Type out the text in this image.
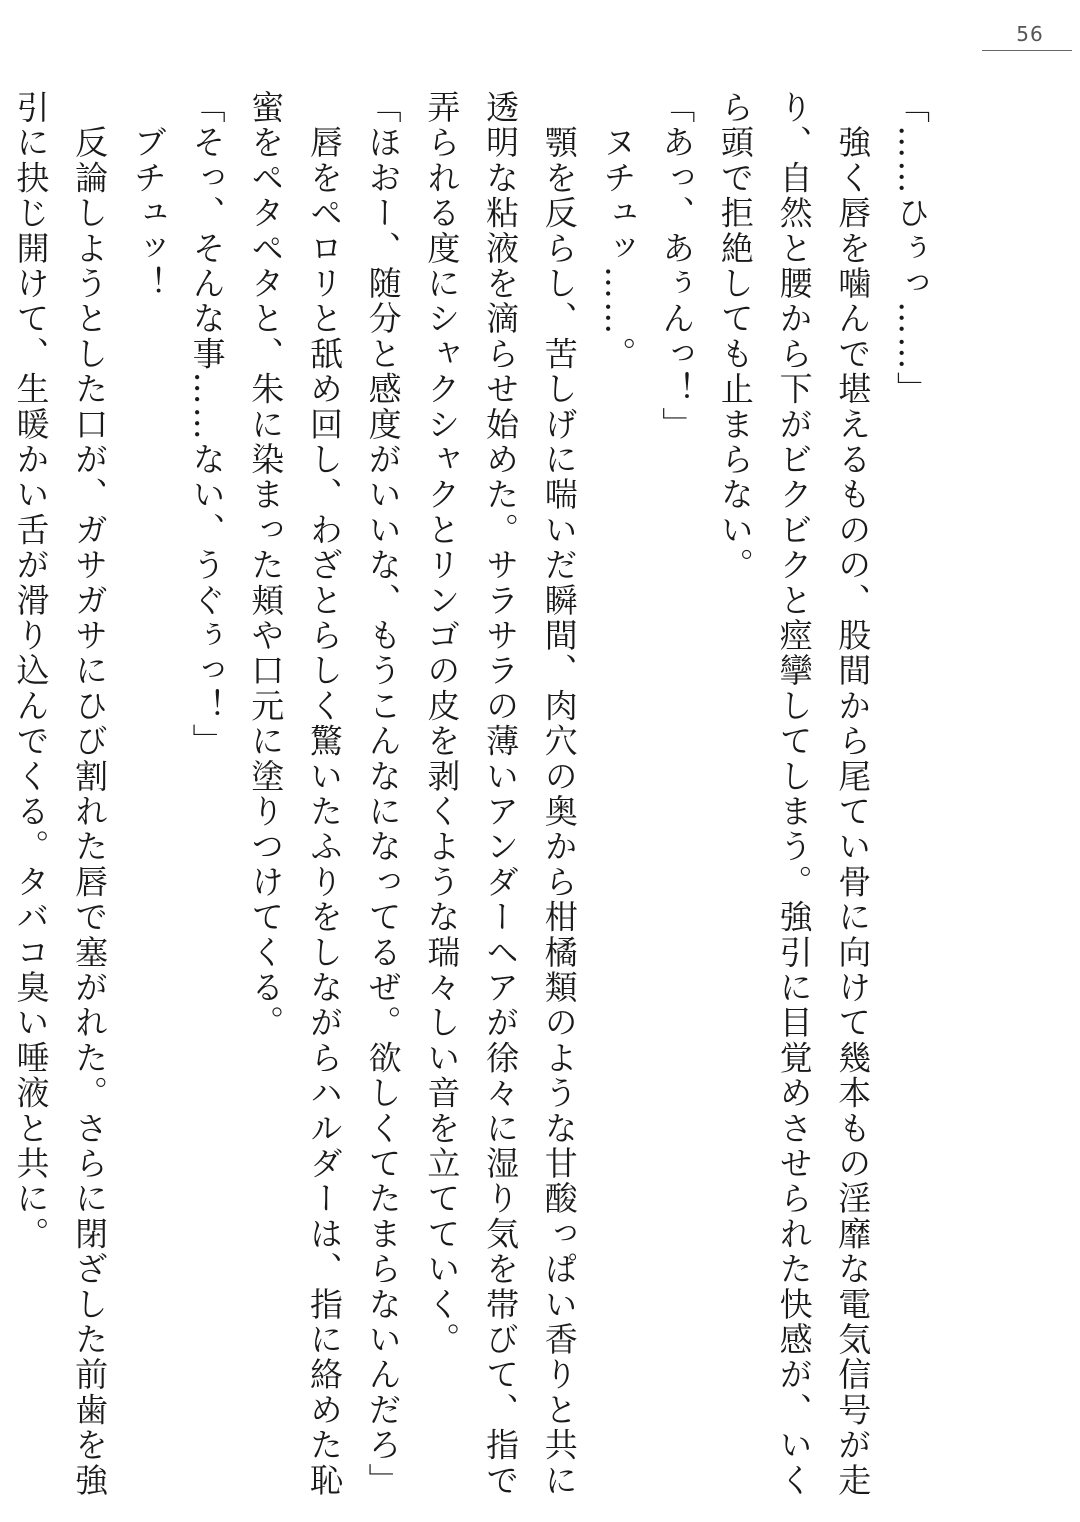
56

「……ひぅっ……」

　強く唇を噛んで堪えるものの、股間から尾てい骨に向けて幾本もの淫靡な電気信号が走

り、自然と腰から下がビクビクと痙攣してしまう。強引に目覚めさせられた快感が、いく

ら頭で拒絶しても止まらない。

「あっ、あぅんっ！」

　ヌチュッ……。

　顎を反らし、苦しげに喘いだ瞬間、肉穴の奥から柑橘類のような甘酸っぱい香りと共に

透明な粘液を滴らせ始めた。サラサラの薄いアンダーヘアが徐々に湿り気を帯びて、指で

弄られる度にシャクシャクとリンゴの皮を剥くような瑞々しい音を立てていく。

「ほおー、随分と感度がいいな、もうこんなになってるぜ。欲しくてたまらないんだろ」

　唇をペロリと舐め回し、わざとらしく驚いたふりをしながらハルダーは、指に絡めた恥

蜜をペタペタと、朱に染まった頬や口元に塗りつけてくる。

「そっ、そんな事……ない、うぐぅっ！」

　ブチュッ！

　反論しようとした口が、ガサガサにひび割れた唇で塞がれた。さらに閉ざした前歯を強

引に抉じ開けて、生暖かい舌が滑り込んでくる。タバコ臭い唾液と共に。
